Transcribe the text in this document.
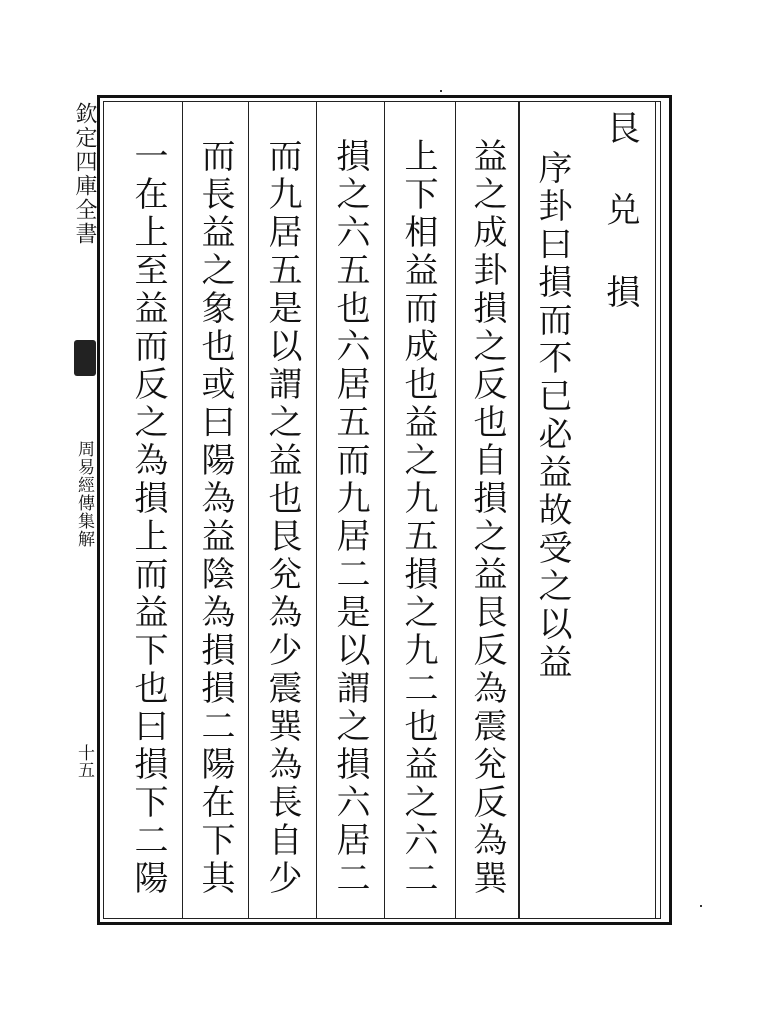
艮 兑 損
序卦曰損而不已必益故受之以益
益之成卦損之反也自損之益艮反為震兊反為巽
上下相益而成也益之九五損之九二也益之六二
損之六五也六居五而九居二是以謂之損六居二
而九居五是以謂之益也艮兊為少震巽為長自少
而長益之象也或曰陽為益陰為損損二陽在下其
一在上至益而反之為損上而益下也曰損下二陽
欽定四庫全書
周易經傳集解
十五
